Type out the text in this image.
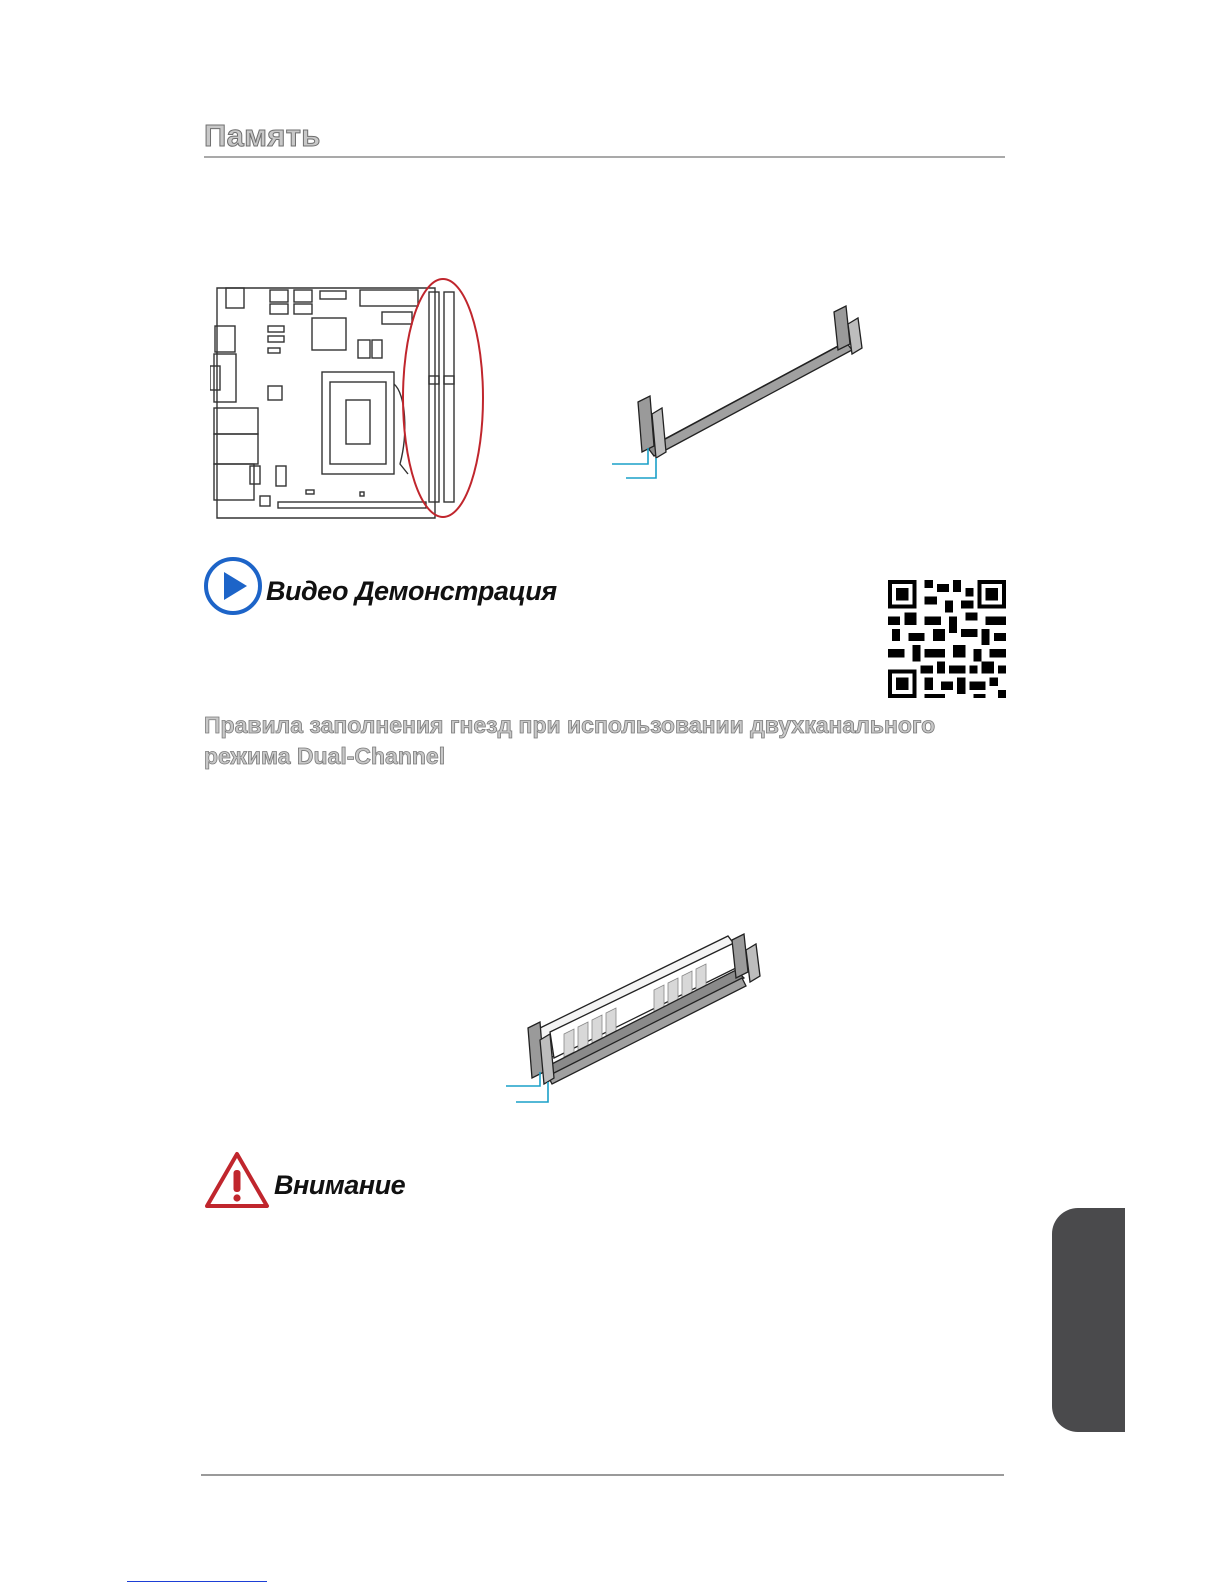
Память
Видео Демонстрация
Правила заполнения гнезд при использовании двухканального режима Dual-Channel
Внимание
